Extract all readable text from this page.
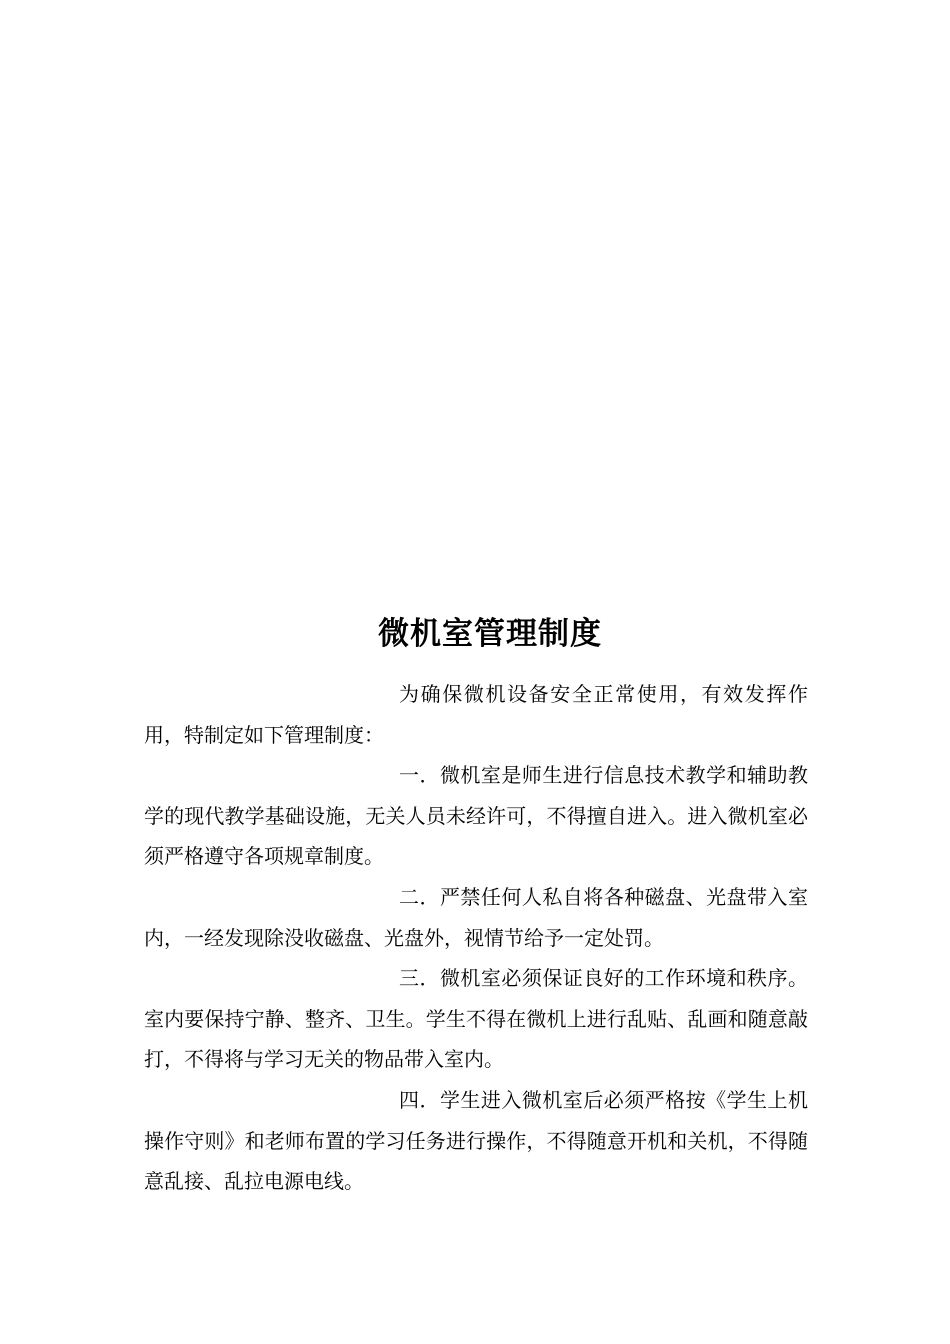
微机室管理制度

为确保微机设备安全正常使用，有效发挥作用，特制定如下管理制度：

一．微机室是师生进行信息技术教学和辅助教学的现代教学基础设施，无关人员未经许可，不得擅自进入。进入微机室必须严格遵守各项规章制度。

二．严禁任何人私自将各种磁盘、光盘带入室内，一经发现除没收磁盘、光盘外，视情节给予一定处罚。

三．微机室必须保证良好的工作环境和秩序。室内要保持宁静、整齐、卫生。学生不得在微机上进行乱贴、乱画和随意敲打，不得将与学习无关的物品带入室内。

四．学生进入微机室后必须严格按《学生上机操作守则》和老师布置的学习任务进行操作，不得随意开机和关机，不得随意乱接、乱拉电源电线。
